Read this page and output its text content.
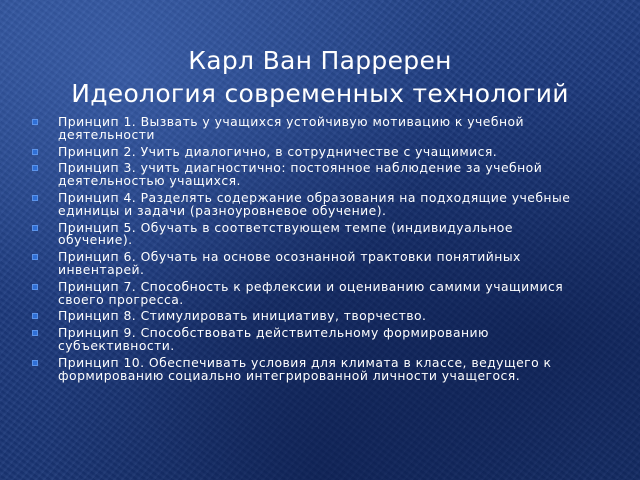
Карл Ван Парререн
Идеология современных технологий
Принцип 1. Вызвать у учащихся устойчивую мотивацию к учебной деятельности
Принцип 2. Учить диалогично, в сотрудничестве с учащимися.
Принцип 3. учить диагностично: постоянное наблюдение за учебной деятельностью учащихся.
Принцип 4. Разделять содержание образования на подходящие учебные единицы и задачи (разноуровневое обучение).
Принцип 5. Обучать в соответствующем темпе (индивидуальное обучение).
Принцип 6. Обучать на основе осознанной трактовки понятийных инвентарей.
Принцип 7. Способность к рефлексии и оцениванию самими учащимися своего прогресса.
Принцип 8. Стимулировать инициативу, творчество.
Принцип 9. Способствовать действительному формированию субъективности.
Принцип 10. Обеспечивать условия для климата в классе, ведущего к формированию социально интегрированной личности учащегося.
